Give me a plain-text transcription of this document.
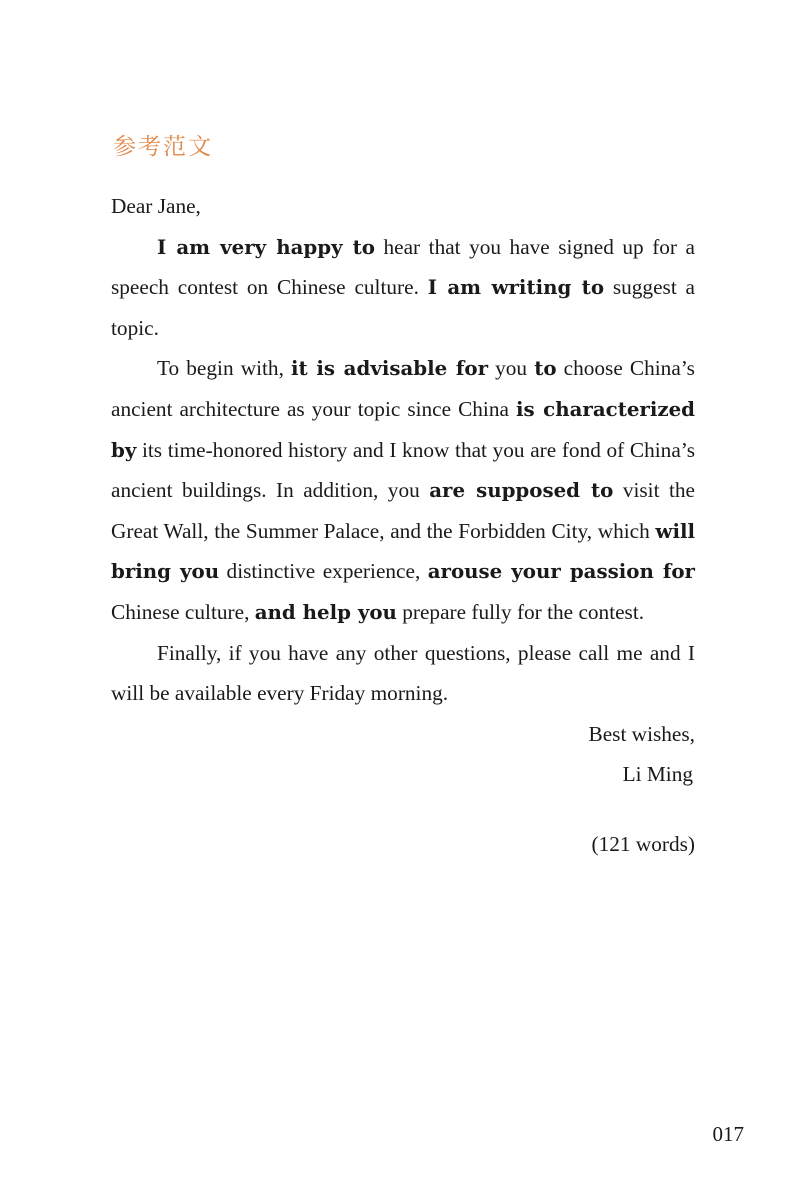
参考范文

Dear Jane,

I am very happy to hear that you have signed up for a speech contest on Chinese culture. I am writing to suggest a topic.

To begin with, it is advisable for you to choose China’s ancient architecture as your topic since China is characterized by its time-honored history and I know that you are fond of China’s ancient buildings. In addition, you are supposed to visit the Great Wall, the Summer Palace, and the Forbidden City, which will bring you distinctive experience, arouse your passion for Chinese culture, and help you prepare fully for the contest.

Finally, if you have any other questions, please call me and I will be available every Friday morning.

Best wishes,

Li Ming

(121 words)

017
